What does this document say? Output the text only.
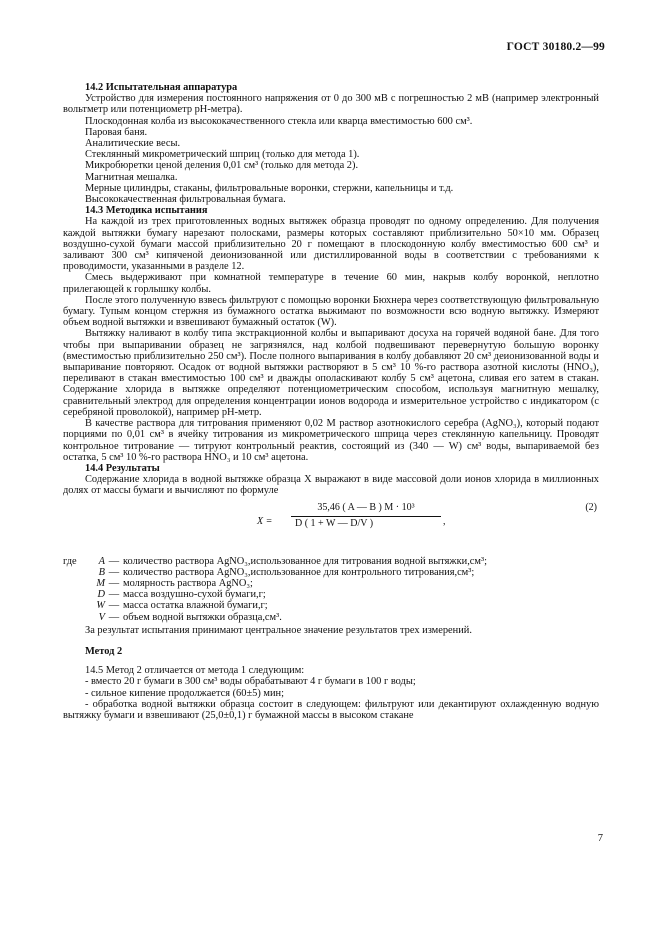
ГОСТ 30180.2—99

14.2 Испытательная аппаратура

Устройство для измерения постоянного напряжения от 0 до 300 мВ с погрешностью 2 мВ (например электронный вольтметр или потенциометр рН-метра).

Плоскодонная колба из высококачественного стекла или кварца вместимостью 600 см³.

Паровая баня.

Аналитические весы.

Стеклянный микрометрический шприц (только для метода 1).

Микробюретки ценой деления 0,01 см³ (только для метода 2).

Магнитная мешалка.

Мерные цилиндры, стаканы, фильтровальные воронки, стержни, капельницы и т.д.

Высококачественная фильтровальная бумага.

14.3 Методика испытания

На каждой из трех приготовленных водных вытяжек образца проводят по одному определению. Для получения каждой вытяжки бумагу нарезают полосками, размеры которых составляют приблизительно 50×10 мм. Образец воздушно-сухой бумаги массой приблизительно 20 г помещают в плоскодонную колбу вместимостью 600 см³ и заливают 300 см³ кипяченой деионизованной или дистиллированной воды в соответствии с требованиями к проводимости, указанными в разделе 12.

Смесь выдерживают при комнатной температуре в течение 60 мин, накрыв колбу воронкой, неплотно прилегающей к горлышку колбы.

После этого полученную взвесь фильтруют с помощью воронки Бюхнера через соответствующую фильтровальную бумагу. Тупым концом стержня из бумажного остатка выжимают по возможности всю водную вытяжку. Измеряют объем водной вытяжки и взвешивают бумажный остаток (W).

Вытяжку наливают в колбу типа экстракционной колбы и выпаривают досуха на горячей водяной бане. Для того чтобы при выпаривании образец не загрязнялся, над колбой подвешивают перевернутую большую воронку (вместимостью приблизительно 250 см³). После полного выпаривания в колбу добавляют 20 см³ деионизованной воды и выпаривание повторяют. Осадок от водной вытяжки растворяют в 5 см³ 10 %-го раствора азотной кислоты (HNO₃), переливают в стакан вместимостью 100 см³ и дважды ополаскивают колбу 5 см³ ацетона, сливая его затем в стакан. Содержание хлорида в вытяжке определяют потенциометрическим способом, используя магнитную мешалку, сравнительный электрод для определения концентрации ионов водорода и измерительное устройство с индикатором (с серебряной проволокой), например рН-метр.

В качестве раствора для титрования применяют 0,02 М раствор азотнокислого серебра (AgNO₃), который подают порциями по 0,01 см³ в ячейку титрования из микрометрического шприца через стеклянную капельницу. Проводят контрольное титрование — титруют контрольный реактив, состоящий из (340 — W) см³ воды, выпариваемой без остатка, 5 см³ 10 %-го раствора HNO₃ и 10 см³ ацетона.

14.4 Результаты

Содержание хлорида в водной вытяжке образца X выражают в виде массовой доли ионов хлорида в миллионных долях от массы бумаги и вычисляют по формуле

X =
35,46 ( A — B ) M · 10³
D ( 1 + W — D/V )	,
(2)
где	A — количество раствора AgNO₃,использованное для титрования водной вытяжки,см³;
B — количество раствора AgNO₃,использованное для контрольного титрования,см³;
M — молярность раствора AgNO₃;
D — масса воздушно-сухой бумаги,г;
W — масса остатка влажной бумаги,г;
V — объем водной вытяжки образца,см³.

За результат испытания принимают центральное значение результатов трех измерений.

Метод 2

14.5 Метод 2 отличается от метода 1 следующим:

- вместо 20 г бумаги в 300 см³ воды обрабатывают 4 г бумаги в 100 г воды;

- сильное кипение продолжается (60±5) мин;

- обработка водной вытяжки образца состоит в следующем: фильтруют или декантируют охлажденную водную вытяжку бумаги и взвешивают (25,0±0,1) г бумажной массы в высоком стакане

7
